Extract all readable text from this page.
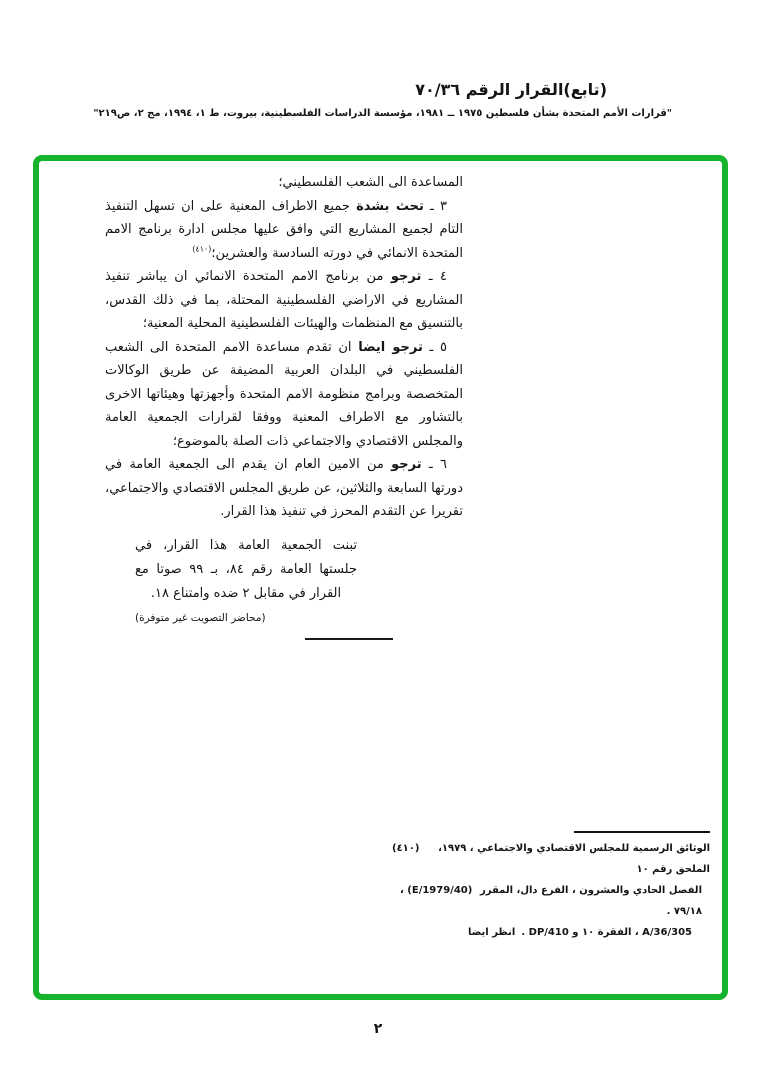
(تابع)القرار الرقم ٧٠/٣٦
"قرارات الأمم المتحدة بشأن فلسطين ١٩٧٥ ــ ١٩٨١، مؤسسة الدراسات الفلسطينية، بيروت، ط ١، ١٩٩٤، مج ٢، ص٢١٩"

المساعدة الى الشعب الفلسطيني؛

٣ ـ تحث بشدة جميع الاطراف المعنية على ان تسهل التنفيذ التام لجميع المشاريع التي وافق عليها مجلس ادارة برنامج الامم المتحدة الانمائي في دورته السادسة والعشرين؛$^{(٤١٠)}$

٤ ـ ترجو من برنامج الامم المتحدة الانمائي ان يباشر تنفيذ المشاريع في الاراضي الفلسطينية المحتلة، بما في ذلك القدس، بالتنسيق مع المنظمات والهيئات الفلسطينية المحلية المعنية؛

٥ ـ ترجو ايضا ان تقدم مساعدة الامم المتحدة الى الشعب الفلسطيني في البلدان العربية المضيفة عن طريق الوكالات المتخصصة وبرامج منظومة الامم المتحدة وأجهزتها وهيئاتها الاخرى بالتشاور مع الاطراف المعنية ووفقا لقرارات الجمعية العامة والمجلس الاقتصادي والاجتماعي ذات الصلة بالموضوع؛

٦ ـ ترجو من الامين العام ان يقدم الى الجمعية العامة في دورتها السابعة والثلاثين، عن طريق المجلس الاقتصادي والاجتماعي، تقريرا عن التقدم المحرز في تنفيذ هذا القرار.

تبنت الجمعية العامة هذا القرار، في جلستها العامة رقم ٨٤، بـ ٩٩ صوتا مع القرار في مقابل ٢ ضده وامتناع ١٨.
(محاضر التصويت غير متوفرة)
(٤١٠)	الوثائق الرسمية للمجلس الاقتصادي والاجتماعي ، ١٩٧٩، الملحق رقم ١٠
(E/1979/40) ، الفصل الحادي والعشرون ، الفرع دال، المقرر ٧٩/١٨ .
انظر ايضا A/36/305 ، الفقرة ١٠ و DP/410 .
٢
